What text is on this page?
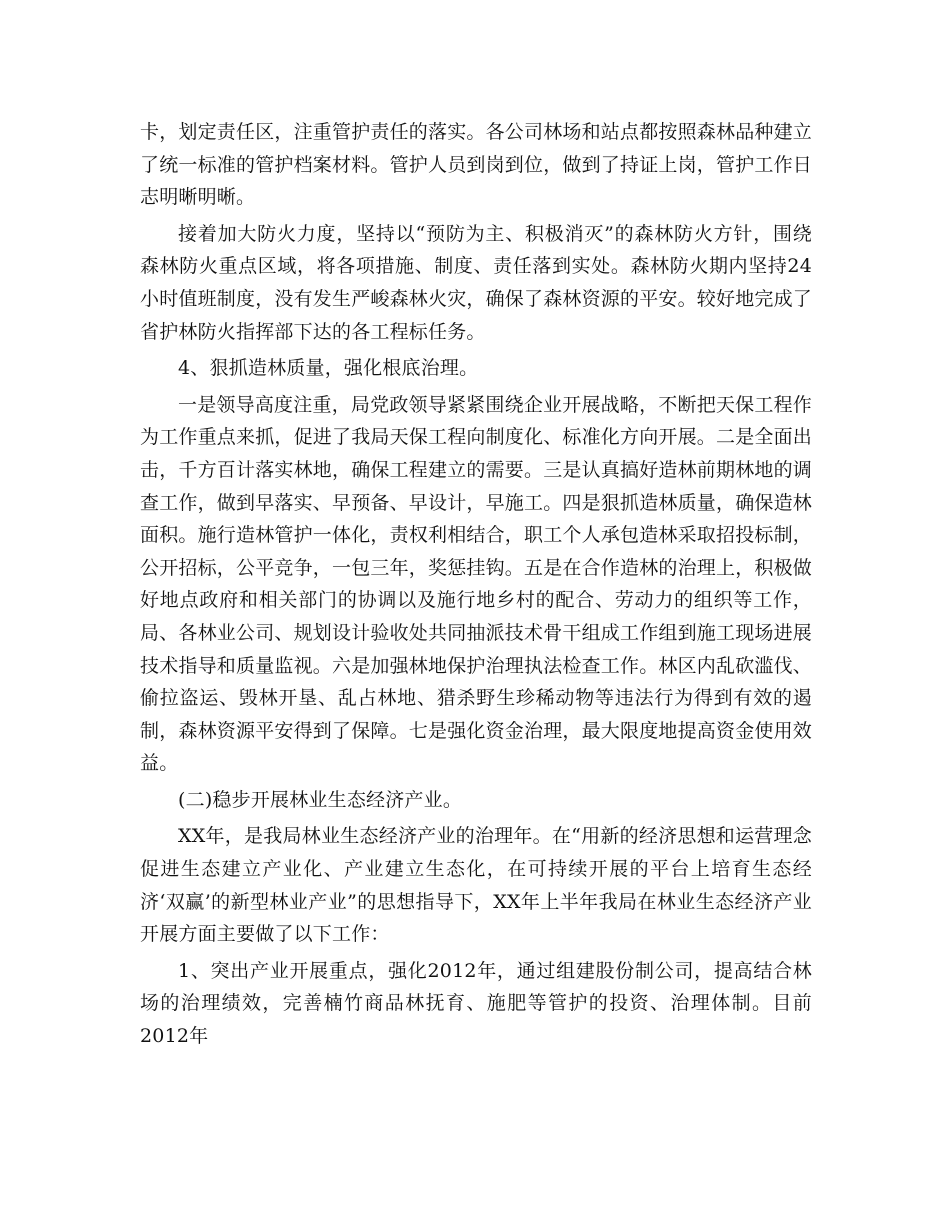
卡，划定责任区，注重管护责任的落实。各公司林场和站点都按照森林品种建立了统一标准的管护档案材料。管护人员到岗到位，做到了持证上岗，管护工作日志明晰明晰。

接着加大防火力度，坚持以“预防为主、积极消灭”的森林防火方针，围绕森林防火重点区域，将各项措施、制度、责任落到实处。森林防火期内坚持24小时值班制度，没有发生严峻森林火灾，确保了森林资源的平安。较好地完成了省护林防火指挥部下达的各工程标任务。

4、狠抓造林质量，强化根底治理。

一是领导高度注重，局党政领导紧紧围绕企业开展战略，不断把天保工程作为工作重点来抓，促进了我局天保工程向制度化、标准化方向开展。二是全面出击，千方百计落实林地，确保工程建立的需要。三是认真搞好造林前期林地的调查工作，做到早落实、早预备、早设计，早施工。四是狠抓造林质量，确保造林面积。施行造林管护一体化，责权利相结合，职工个人承包造林采取招投标制，公开招标，公平竞争，一包三年，奖惩挂钩。五是在合作造林的治理上，积极做好地点政府和相关部门的协调以及施行地乡村的配合、劳动力的组织等工作，局、各林业公司、规划设计验收处共同抽派技术骨干组成工作组到施工现场进展技术指导和质量监视。六是加强林地保护治理执法检查工作。林区内乱砍滥伐、偷拉盗运、毁林开垦、乱占林地、猎杀野生珍稀动物等违法行为得到有效的遏制，森林资源平安得到了保障。七是强化资金治理，最大限度地提高资金使用效益。

(二)稳步开展林业生态经济产业。

XX年，是我局林业生态经济产业的治理年。在“用新的经济思想和运营理念促进生态建立产业化、产业建立生态化，在可持续开展的平台上培育生态经济‘双赢’的新型林业产业”的思想指导下，XX年上半年我局在林业生态经济产业开展方面主要做了以下工作：

1、突出产业开展重点，强化2012年，通过组建股份制公司，提高结合林场的治理绩效，完善楠竹商品林抚育、施肥等管护的投资、治理体制。目前2012年
